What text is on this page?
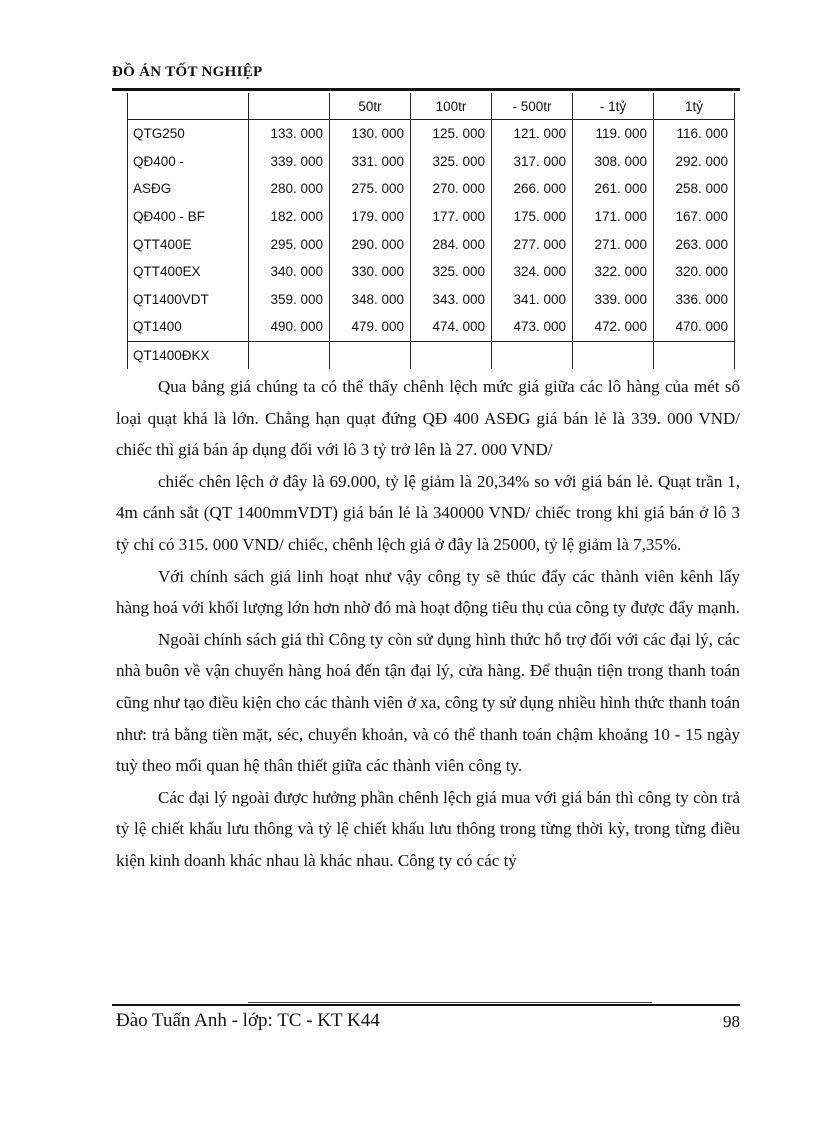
ĐỒ ÁN TỐT NGHIỆP
		50tr	100tr	- 500tr	- 1tỷ	1tỷ
QTG250	133. 000	130. 000	125. 000	121. 000	119. 000	116. 000
QĐ400 -	339. 000	331. 000	325. 000	317. 000	308. 000	292. 000
ASĐG	280. 000	275. 000	270. 000	266. 000	261. 000	258. 000
QĐ400 - BF	182. 000	179. 000	177. 000	175. 000	171. 000	167. 000
QTT400E	295. 000	290. 000	284. 000	277. 000	271. 000	263. 000
QTT400EX	340. 000	330. 000	325. 000	324. 000	322. 000	320. 000
QT1400VDT	359. 000	348. 000	343. 000	341. 000	339. 000	336. 000
QT1400	490. 000	479. 000	474. 000	473. 000	472. 000	470. 000
QT1400ĐKX						

Qua bảng giá chúng ta có thể thấy chênh lệch mức giá giữa các lô hàng của mét số loại quạt khá là lớn. Chẳng hạn quạt đứng QĐ 400 ASĐG giá bán lẻ là 339. 000 VND/ chiếc thì giá bán áp dụng đối với lô 3 tỷ trở lên là 27. 000 VND/

chiếc chên lệch ở đây là 69.000, tỷ lệ giảm là 20,34% so với giá bán lẻ. Quạt trần 1, 4m cánh sắt (QT 1400mmVDT) giá bán lẻ là 340000 VND/ chiếc trong khi giá bán ở lô 3 tỷ chỉ có 315. 000 VND/ chiếc, chênh lệch giá ở đây là 25000, tỷ lệ giảm là 7,35%.

Với chính sách giá linh hoạt như vậy công ty sẽ thúc đẩy các thành viên kênh lấy hàng hoá với khối lượng lớn hơn nhờ đó mà hoạt động tiêu thụ của công ty được đẩy mạnh.

Ngoài chính sách giá thì Công ty còn sử dụng hình thức hỗ trợ đối với các đại lý, các nhà buôn về vận chuyển hàng hoá đến tận đại lý, cửa hàng. Để thuận tiện trong thanh toán cũng như tạo điều kiện cho các thành viên ở xa, công ty sử dụng nhiều hình thức thanh toán như: trả bằng tiền mặt, séc, chuyển khoản, và có thể thanh toán chậm khoảng 10 - 15 ngày tuỳ theo mối quan hệ thân thiết giữa các thành viên công ty.

Các đại lý ngoài được hưởng phần chênh lệch giá mua với giá bán thì công ty còn trả tỷ lệ chiết khấu lưu thông và tỷ lệ chiết khấu lưu thông trong từng thời kỳ, trong từng điều kiện kinh doanh khác nhau là khác nhau. Công ty có các tỷ

Đào Tuấn Anh - lớp: TC - KT K44	98
